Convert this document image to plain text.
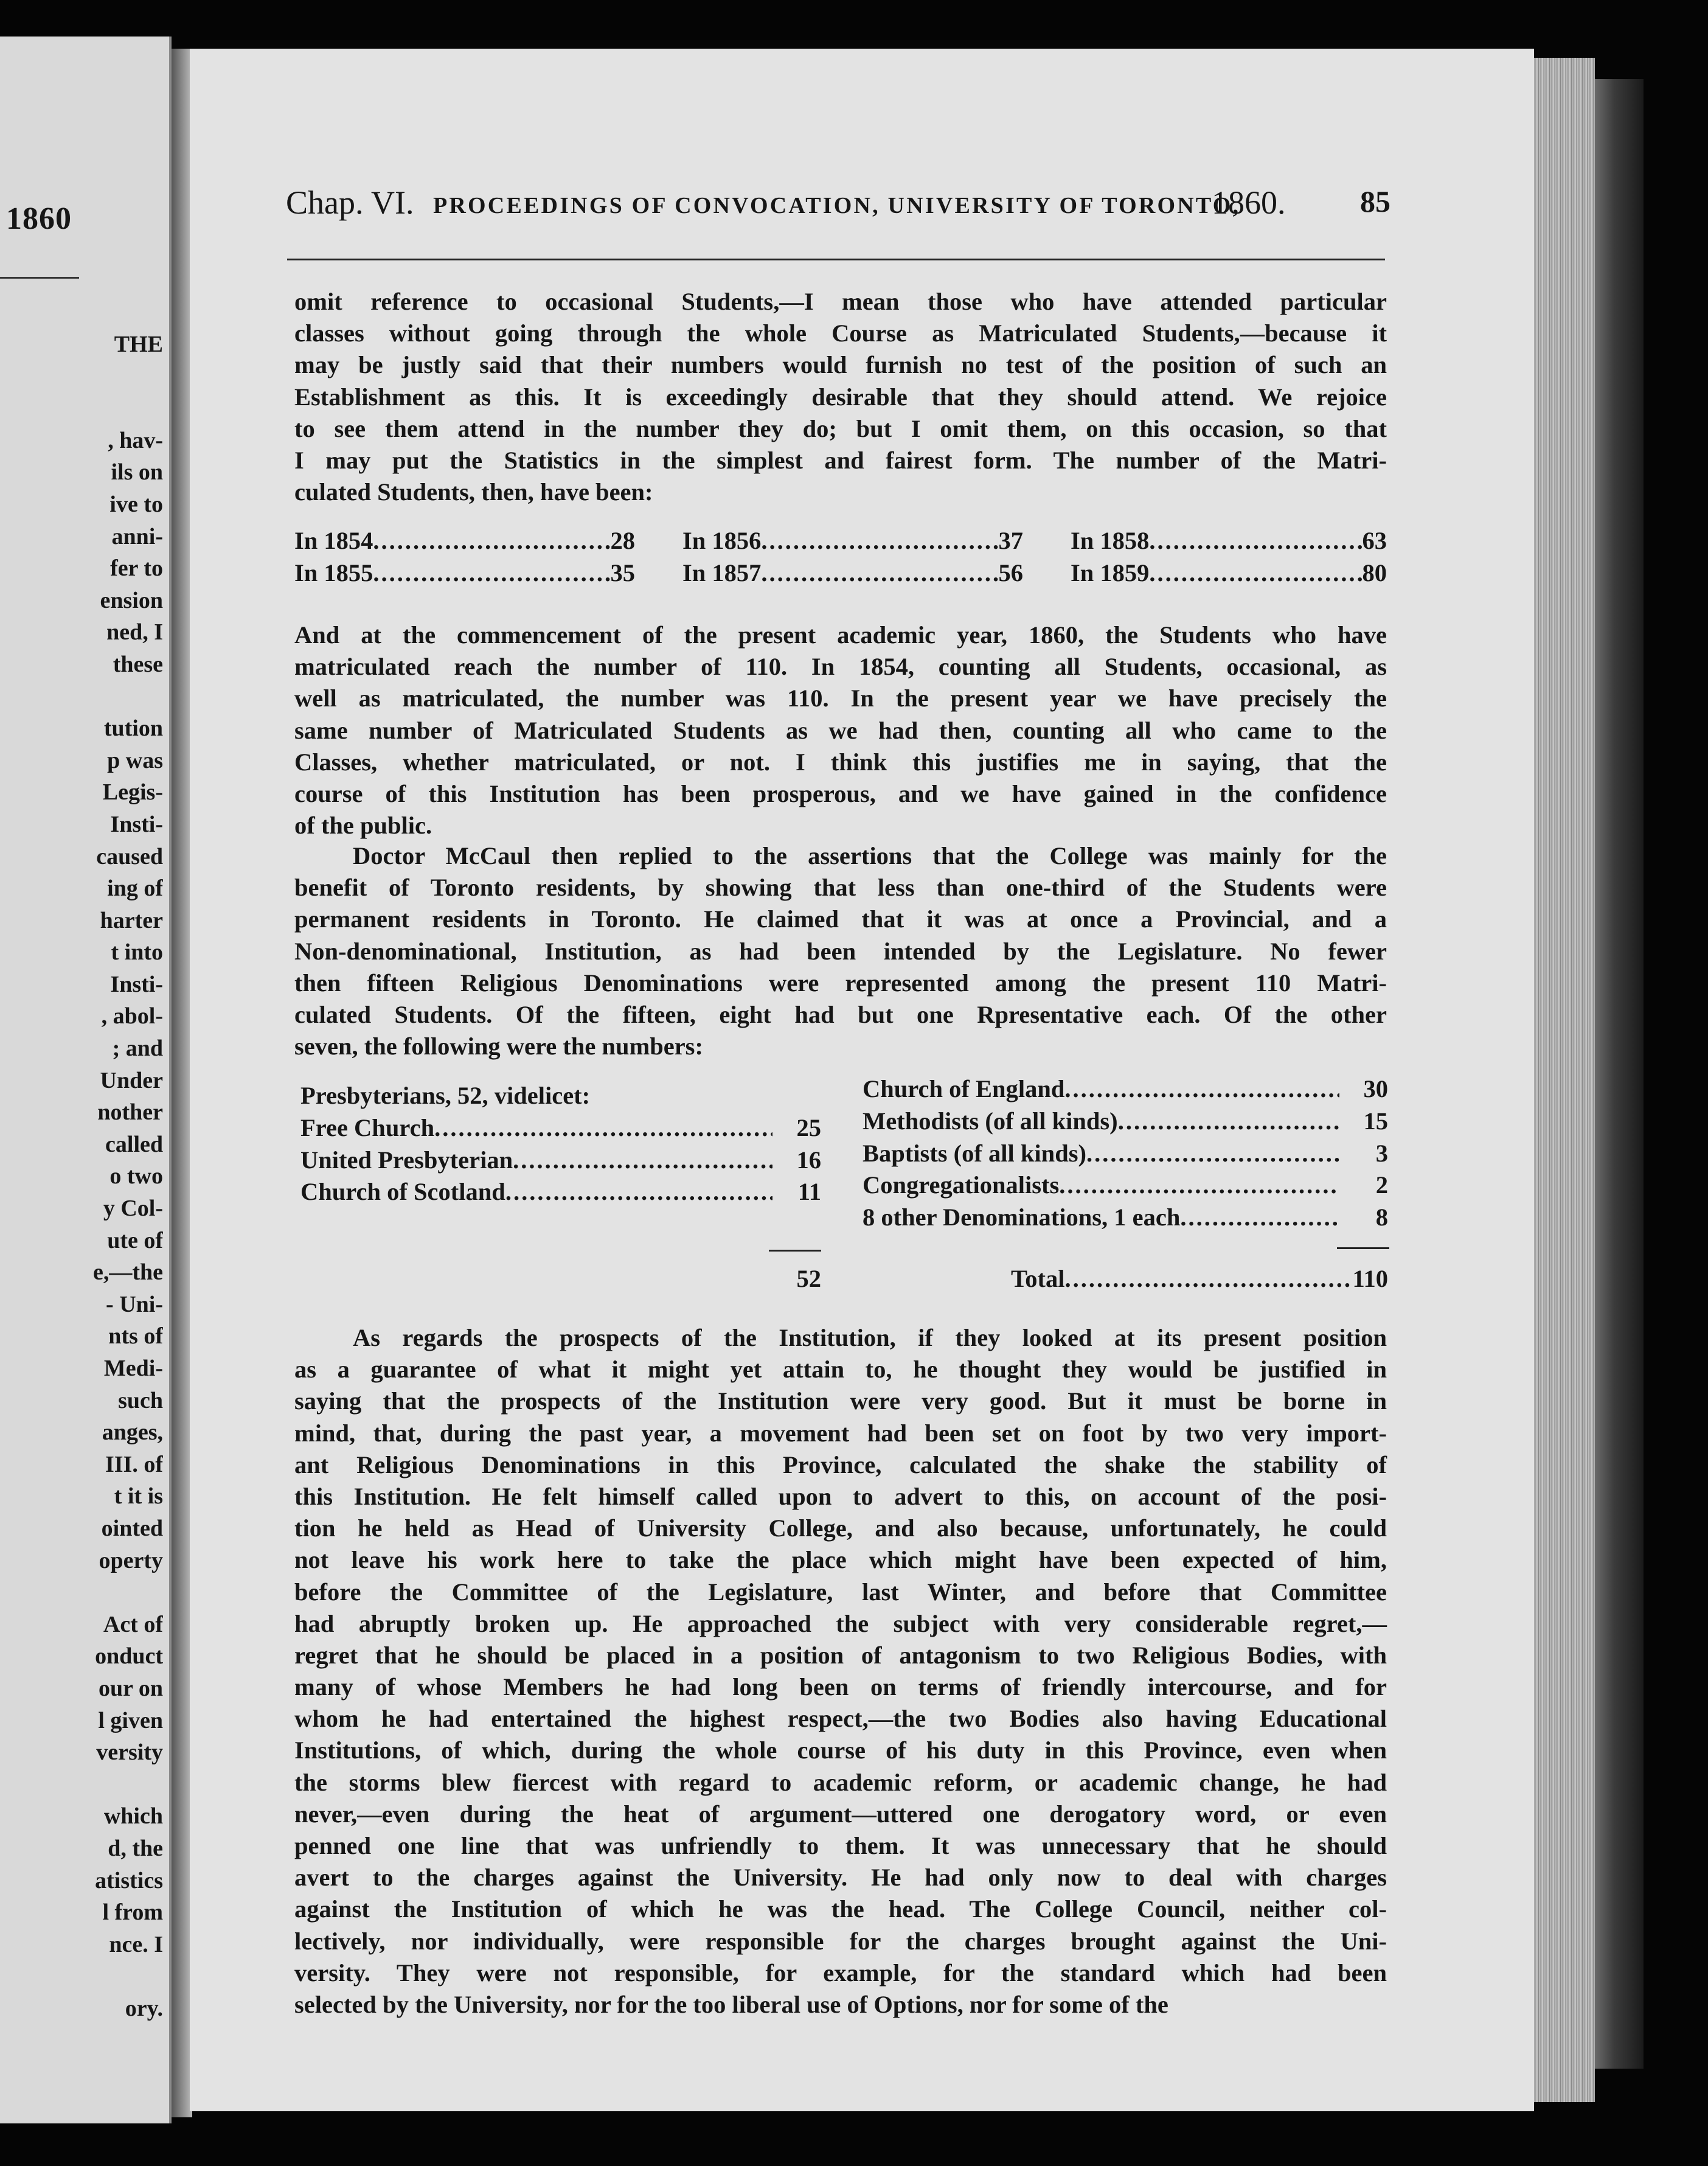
1860
THE
, hav-
ils on
ive to
anni-
fer to
ension
ned, I
these
tution
p was
Legis-
Insti-
caused
ing of
harter
t into
Insti-
, abol-
; and
Under
nother
called
o two
y Col-
ute of
e,—the
- Uni-
nts of
Medi-
such
anges,
III. of
t it is
ointed
operty
Act of
onduct
our on
l given
versity
which
d, the
atistics
l from
nce. I
ory.
Chap. VI. PROCEEDINGS OF CONVOCATION, UNIVERSITY OF TORONTO,
1860. 85
omit reference to occasional Students,—I mean those who have attended particular
classes without going through the whole Course as Matriculated Students,—because it
may be justly said that their numbers would furnish no test of the position of such an
Establishment as this. It is exceedingly desirable that they should attend. We rejoice
to see them attend in the number they do; but I omit them, on this occasion, so that
I may put the Statistics in the simplest and fairest form. The number of the Matri-
culated Students, then, have been:
In 1854 .....	28 In 1856 .....	37 In 1858 .....	63
In 1855 .....	35 In 1857 .....	56 In 1859 .....	80
And at the commencement of the present academic year, 1860, the Students who have
matriculated reach the number of 110. In 1854, counting all Students, occasional, as
well as matriculated, the number was 110. In the present year we have precisely the
same number of Matriculated Students as we had then, counting all who came to the
Classes, whether matriculated, or not. I think this justifies me in saying, that the
course of this Institution has been prosperous, and we have gained in the confidence
of the public.
Doctor McCaul then replied to the assertions that the College was mainly for the
benefit of Toronto residents, by showing that less than one-third of the Students were
permanent residents in Toronto. He claimed that it was at once a Provincial, and a
Non-denominational, Institution, as had been intended by the Legislature. No fewer
then fifteen Religious Denominations were represented among the present 110 Matri-
culated Students. Of the fifteen, eight had but one Rpresentative each. Of the other
seven, the following were the numbers:
Presbyterians, 52, videlicet:
Free Church .....	25
United Presbyterian .....	16
Church of Scotland .....	11
Church of England .....	30
Methodists (of all kinds) .....	15
Baptists (of all kinds) .....	3
Congregationalists .....	2
8 other Denominations, 1 each .....	8
52	Total .....	110
As regards the prospects of the Institution, if they looked at its present position
as a guarantee of what it might yet attain to, he thought they would be justified in
saying that the prospects of the Institution were very good. But it must be borne in
mind, that, during the past year, a movement had been set on foot by two very import-
ant Religious Denominations in this Province, calculated the shake the stability of
this Institution. He felt himself called upon to advert to this, on account of the posi-
tion he held as Head of University College, and also because, unfortunately, he could
not leave his work here to take the place which might have been expected of him,
before the Committee of the Legislature, last Winter, and before that Committee
had abruptly broken up. He approached the subject with very considerable regret,—
regret that he should be placed in a position of antagonism to two Religious Bodies, with
many of whose Members he had long been on terms of friendly intercourse, and for
whom he had entertained the highest respect,—the two Bodies also having Educational
Institutions, of which, during the whole course of his duty in this Province, even when
the storms blew fiercest with regard to academic reform, or academic change, he had
never,—even during the heat of argument—uttered one derogatory word, or even
penned one line that was unfriendly to them. It was unnecessary that he should
avert to the charges against the University. He had only now to deal with charges
against the Institution of which he was the head. The College Council, neither col-
lectively, nor individually, were responsible for the charges brought against the Uni-
versity. They were not responsible, for example, for the standard which had been
selected by the University, nor for the too liberal use of Options, nor for some of the
